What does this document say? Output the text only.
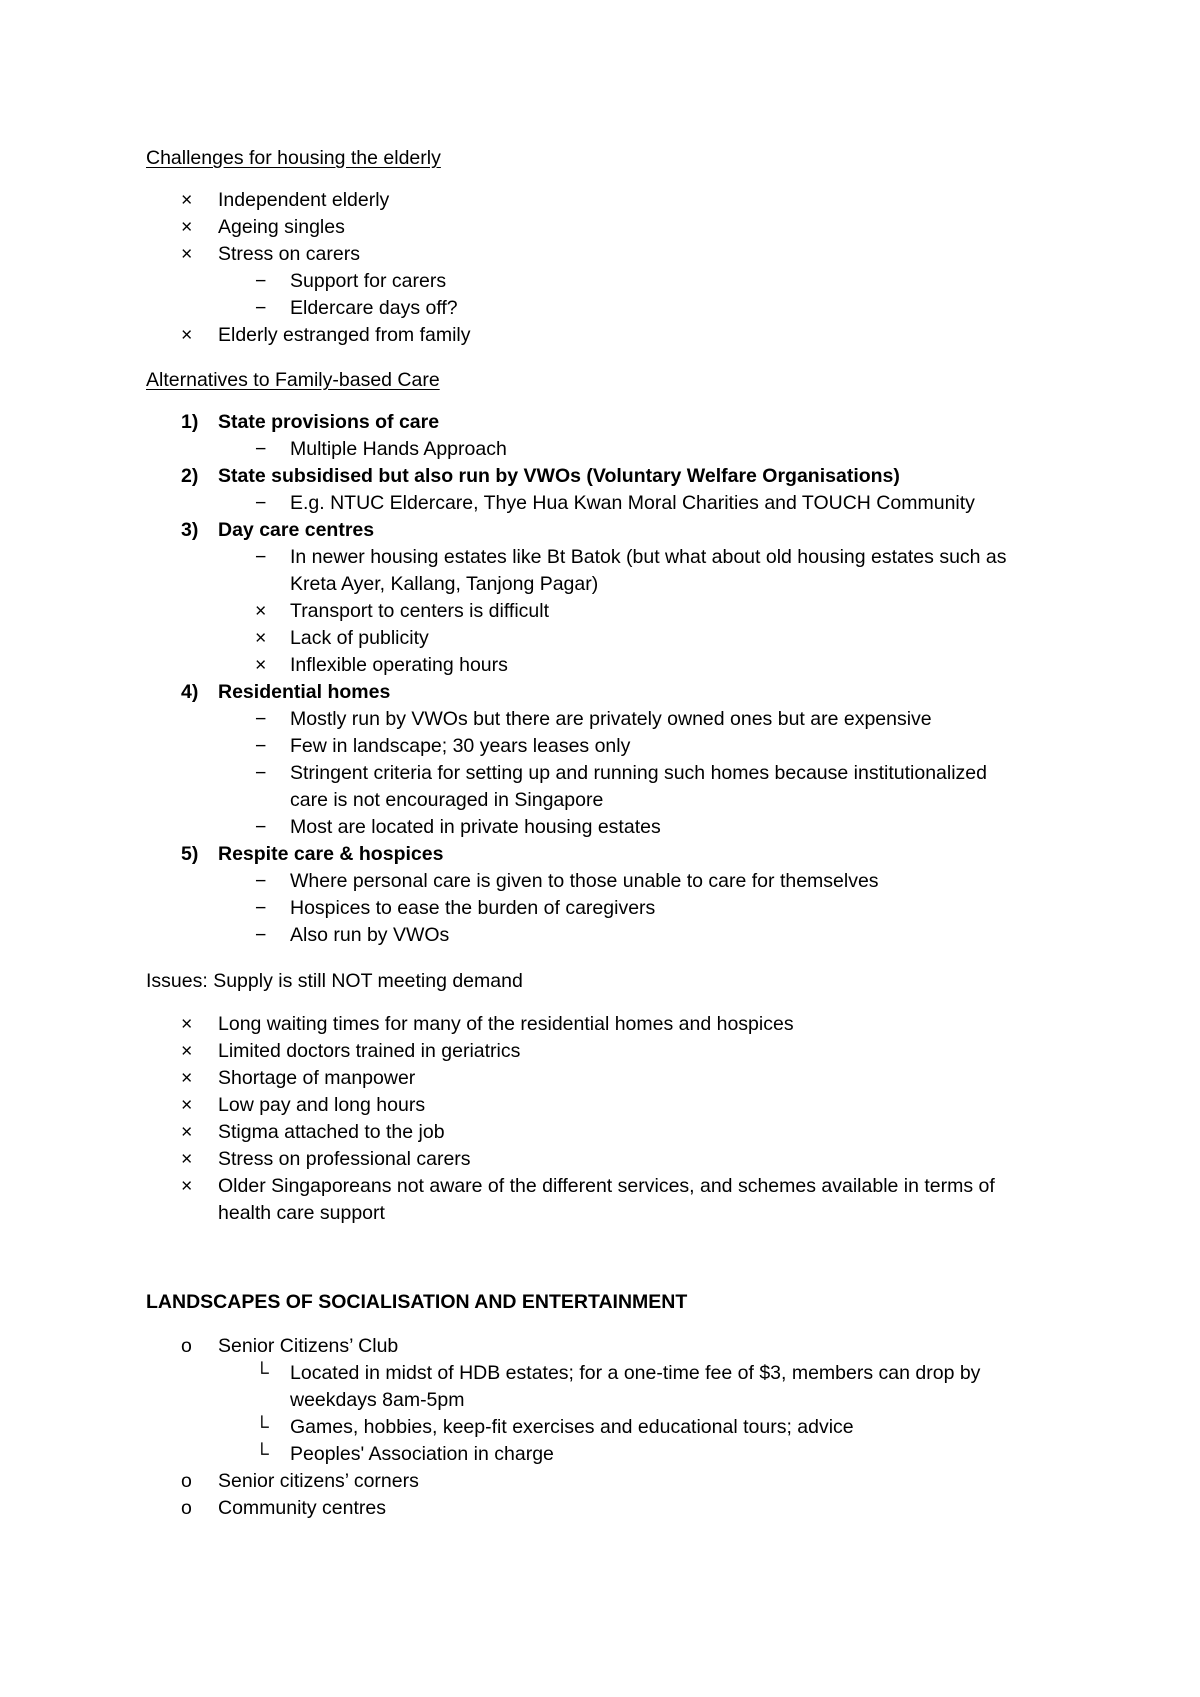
Challenges for housing the elderly
×	Independent elderly
×	Ageing singles
×	Stress on carers
−	Support for carers
−	Eldercare days off?
×	Elderly estranged from family
Alternatives to Family-based Care
1) State provisions of care
−	Multiple Hands Approach
2) State subsidised but also run by VWOs (Voluntary Welfare Organisations)
−	E.g. NTUC Eldercare, Thye Hua Kwan Moral Charities and TOUCH Community
3) Day care centres
−	In newer housing estates like Bt Batok (but what about old housing estates such as
Kreta Ayer, Kallang, Tanjong Pagar)
×	Transport to centers is difficult
×	Lack of publicity
×	Inflexible operating hours
4) Residential homes
−	Mostly run by VWOs but there are privately owned ones but are expensive
−	Few in landscape; 30 years leases only
−	Stringent criteria for setting up and running such homes because institutionalized
care is not encouraged in Singapore
−	Most are located in private housing estates
5) Respite care & hospices
−	Where personal care is given to those unable to care for themselves
−	Hospices to ease the burden of caregivers
−	Also run by VWOs
Issues: Supply is still NOT meeting demand
×	Long waiting times for many of the residential homes and hospices
×	Limited doctors trained in geriatrics
×	Shortage of manpower
×	Low pay and long hours
×	Stigma attached to the job
×	Stress on professional carers
×	Older Singaporeans not aware of the different services, and schemes available in terms of
health care support
LANDSCAPES OF SOCIALISATION AND ENTERTAINMENT
o	Senior Citizens’ Club
└	Located in midst of HDB estates; for a one-time fee of $3, members can drop by
weekdays 8am-5pm
└	Games, hobbies, keep-fit exercises and educational tours; advice
└	Peoples' Association in charge
o	Senior citizens’ corners
o	Community centres
